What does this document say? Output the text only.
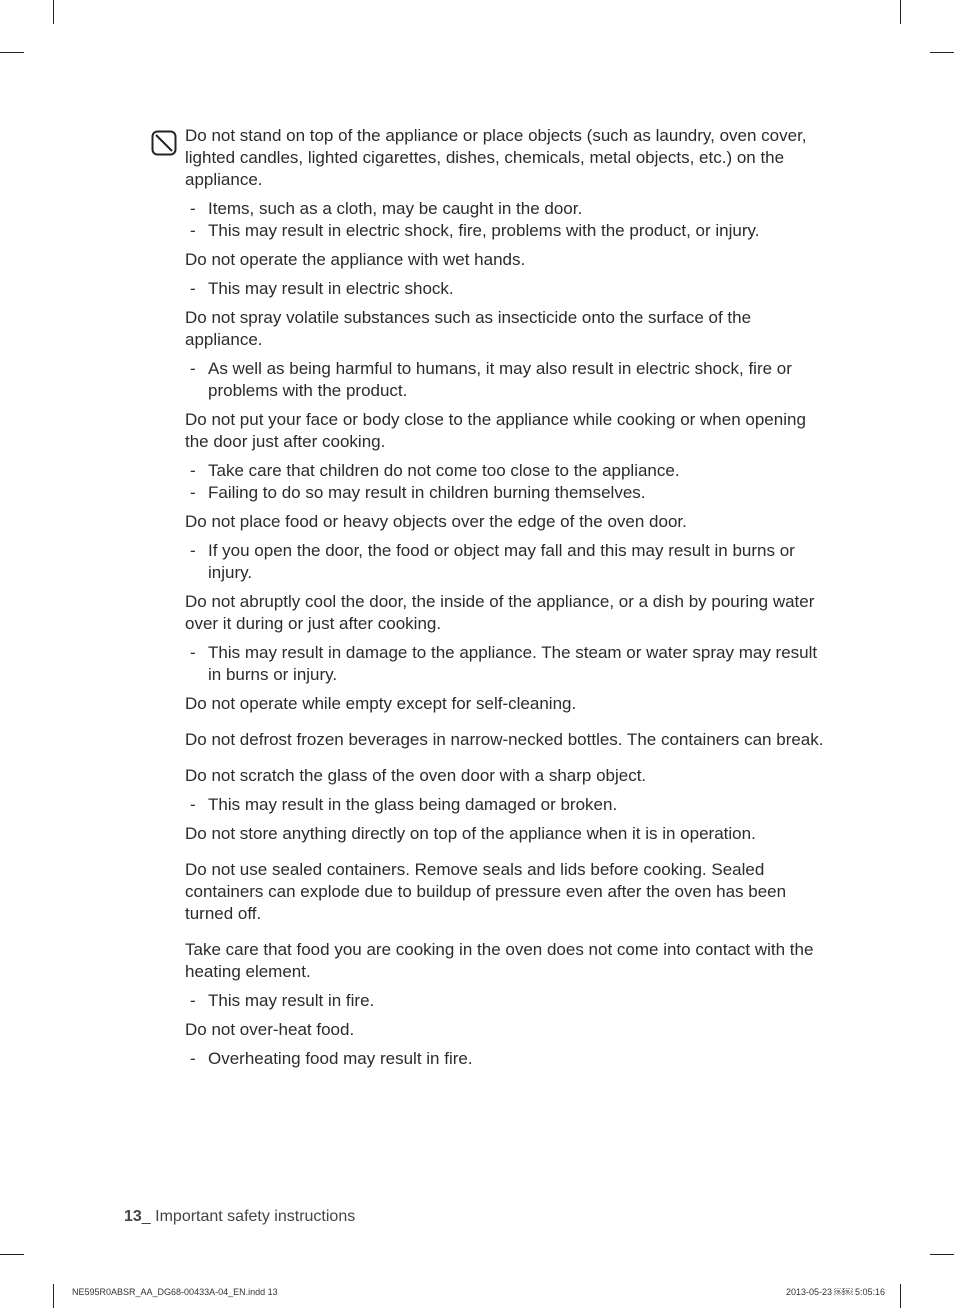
Do not stand on top of the appliance or place objects (such as laundry, oven cover, lighted candles, lighted cigarettes, dishes, chemicals, metal objects, etc.) on the appliance.

- Items, such as a cloth, may be caught in the door.
- This may result in electric shock, fire, problems with the product, or injury.

Do not operate the appliance with wet hands.

- This may result in electric shock.

Do not spray volatile substances such as insecticide onto the surface of the appliance.

- As well as being harmful to humans, it may also result in electric shock, fire or problems with the product.

Do not put your face or body close to the appliance while cooking or when opening the door just after cooking.

- Take care that children do not come too close to the appliance.
- Failing to do so may result in children burning themselves.

Do not place food or heavy objects over the edge of the oven door.

- If you open the door, the food or object may fall and this may result in burns or injury.

Do not abruptly cool the door, the inside of the appliance, or a dish by pouring water over it during or just after cooking.

- This may result in damage to the appliance. The steam or water spray may result in burns or injury.

Do not operate while empty except for self-cleaning.

Do not defrost frozen beverages in narrow-necked bottles. The containers can break.

Do not scratch the glass of the oven door with a sharp object.

- This may result in the glass being damaged or broken.

Do not store anything directly on top of the appliance when it is in operation.

Do not use sealed containers. Remove seals and lids before cooking. Sealed containers can explode due to buildup of pressure even after the oven has been turned off.

Take care that food you are cooking in the oven does not come into contact with the heating element.

- This may result in fire.

Do not over-heat food.

- Overheating food may result in fire.
13_ Important safety instructions
NE595R0ABSR_AA_DG68-00433A-04_EN.indd 13	2013-05-23 ￼￼ 5:05:16
